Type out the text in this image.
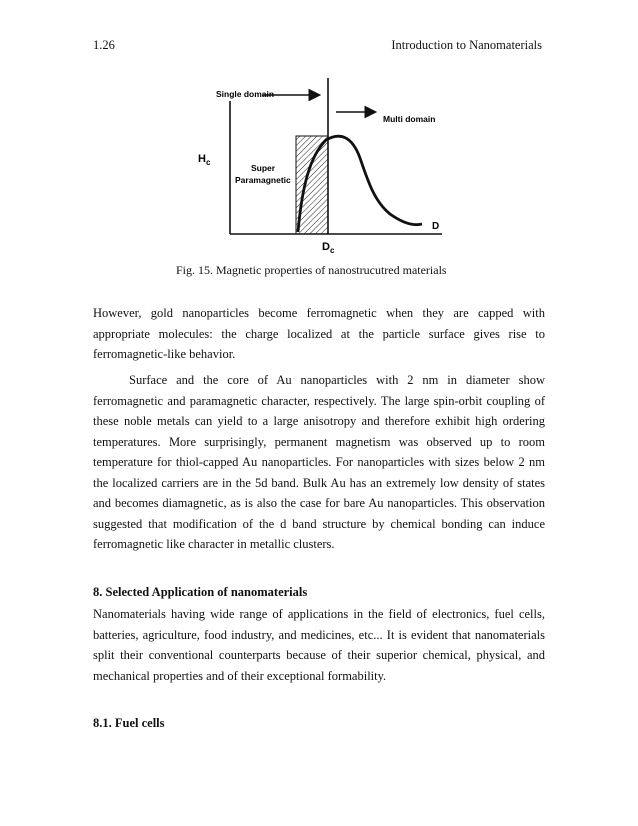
1.26	Introduction to Nanomaterials
Single domain
Multi domain
$H_c$
Super
Paramagnetic
D
$D_c$
Fig. 15. Magnetic properties of nanostrucutred materials

However, gold nanoparticles become ferromagnetic when they are capped with appropriate molecules: the charge localized at the particle surface gives rise to ferromagnetic-like behavior.

Surface and the core of Au nanoparticles with 2 nm in diameter show ferromagnetic and paramagnetic character, respectively. The large spin-orbit coupling of these noble metals can yield to a large anisotropy and therefore exhibit high ordering temperatures. More surprisingly, permanent magnetism was observed up to room temperature for thiol-capped Au nanoparticles. For nanoparticles with sizes below 2 nm the localized carriers are in the 5d band. Bulk Au has an extremely low density of states and becomes diamagnetic, as is also the case for bare Au nanoparticles. This observation suggested that modification of the d band structure by chemical bonding can induce ferromagnetic like character in metallic clusters.

8. Selected Application of nanomaterials

Nanomaterials having wide range of applications in the field of electronics, fuel cells, batteries, agriculture, food industry, and medicines, etc... It is evident that nanomaterials split their conventional counterparts because of their superior chemical, physical, and mechanical properties and of their exceptional formability.

8.1. Fuel cells
